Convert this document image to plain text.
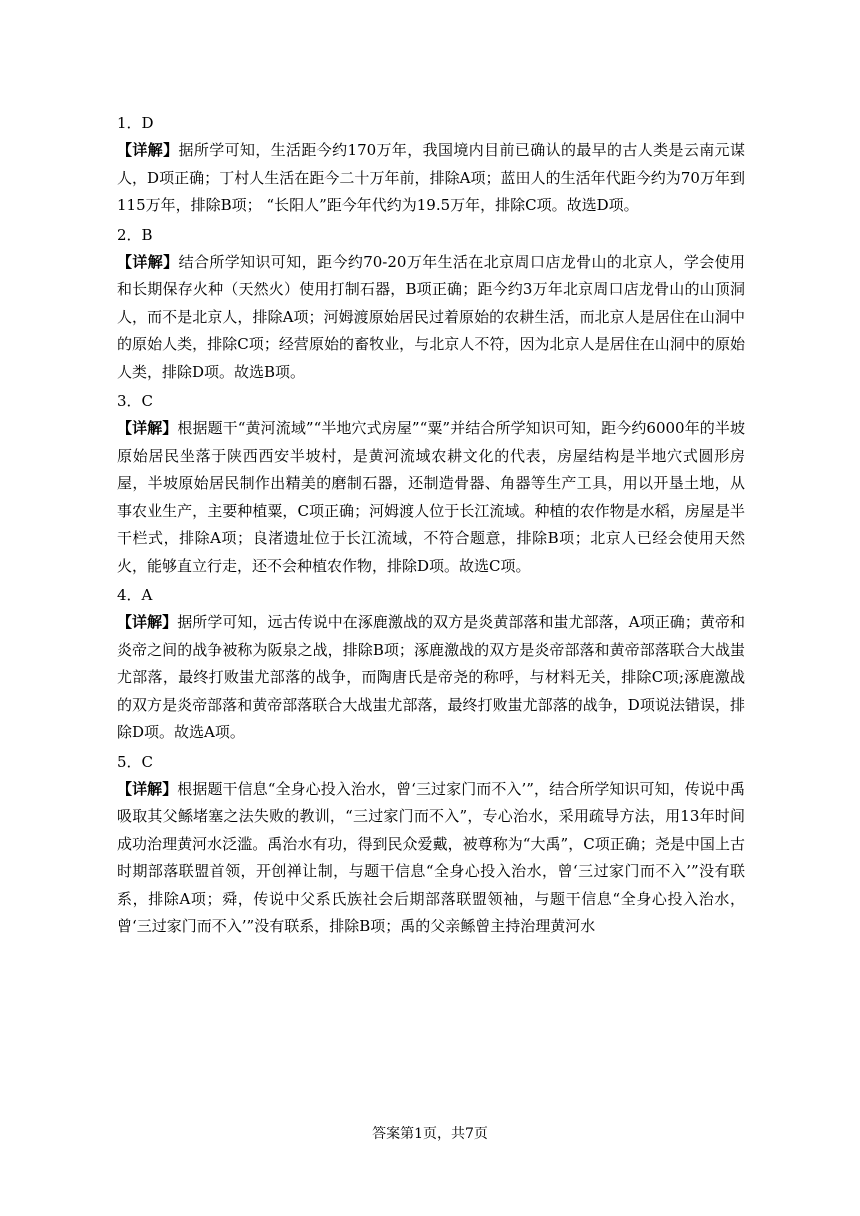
1．D

【详解】据所学可知，生活距今约170万年，我国境内目前已确认的最早的古人类是云南元谋人，D项正确；丁村人生活在距今二十万年前，排除A项；蓝田人的生活年代距今约为70万年到115万年，排除B项； “长阳人”距今年代约为19.5万年，排除C项。故选D项。

2．B

【详解】结合所学知识可知，距今约70-20万年生活在北京周口店龙骨山的北京人，学会使用和长期保存火种（天然火）使用打制石器，B项正确；距今约3万年北京周口店龙骨山的山顶洞人，而不是北京人，排除A项；河姆渡原始居民过着原始的农耕生活，而北京人是居住在山洞中的原始人类，排除C项；经营原始的畜牧业，与北京人不符，因为北京人是居住在山洞中的原始人类，排除D项。故选B项。

3．C

【详解】根据题干“黄河流域”“半地穴式房屋”“粟”并结合所学知识可知，距今约6000年的半坡原始居民坐落于陕西西安半坡村，是黄河流域农耕文化的代表，房屋结构是半地穴式圆形房屋，半坡原始居民制作出精美的磨制石器，还制造骨器、角器等生产工具，用以开垦土地，从事农业生产，主要种植粟，C项正确；河姆渡人位于长江流域。种植的农作物是水稻，房屋是半干栏式，排除A项；良渚遗址位于长江流域，不符合题意，排除B项；北京人已经会使用天然火，能够直立行走，还不会种植农作物，排除D项。故选C项。

4．A

【详解】据所学可知，远古传说中在涿鹿激战的双方是炎黄部落和蚩尤部落，A项正确；黄帝和炎帝之间的战争被称为阪泉之战，排除B项；涿鹿激战的双方是炎帝部落和黄帝部落联合大战蚩尤部落，最终打败蚩尤部落的战争，而陶唐氏是帝尧的称呼，与材料无关，排除C项;涿鹿激战的双方是炎帝部落和黄帝部落联合大战蚩尤部落，最终打败蚩尤部落的战争，D项说法错误，排除D项。故选A项。

5．C

【详解】根据题干信息“全身心投入治水，曾‘三过家门而不入’”，结合所学知识可知，传说中禹吸取其父鲧堵塞之法失败的教训，“三过家门而不入”，专心治水，采用疏导方法，用13年时间成功治理黄河水泛滥。禹治水有功，得到民众爱戴，被尊称为“大禹”，C项正确；尧是中国上古时期部落联盟首领，开创禅让制，与题干信息“全身心投入治水，曾‘三过家门而不入’”没有联系，排除A项；舜，传说中父系氏族社会后期部落联盟领袖，与题干信息“全身心投入治水，曾‘三过家门而不入’”没有联系，排除B项；禹的父亲鲧曾主持治理黄河水

答案第1页，共7页
